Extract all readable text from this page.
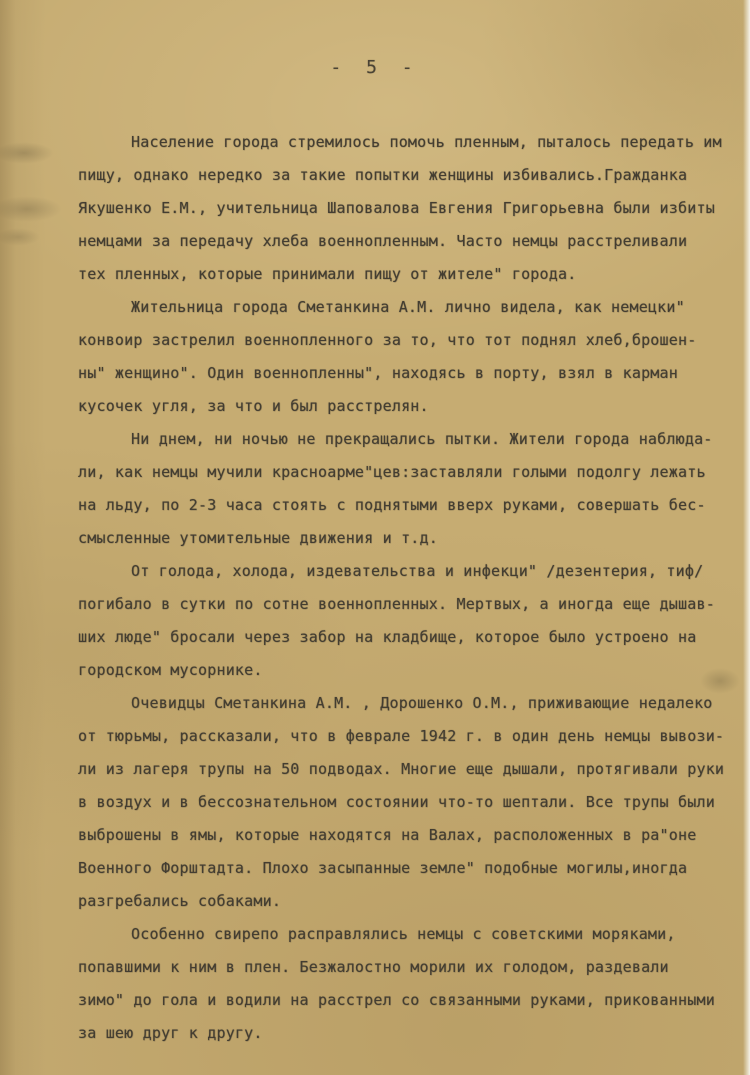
- 5 -
Население города стремилось помочь пленным, пыталось передать им
пищу, однако нередко за такие попытки женщины избивались.Гражданка
Якушенко Е.М., учительница Шаповалова Евгения Григорьевна были избиты
немцами за передачу хлеба военнопленным. Часто немцы расстреливали
тех пленных, которые принимали пищу от жителе" города.
Жительница города Сметанкина А.М. лично видела, как немецки"
конвоир застрелил военнопленного за то, что тот поднял хлеб,брошен-
ны" женщино". Один военнопленны", находясь в порту, взял в карман
кусочек угля, за что и был расстрелян.
Ни днем, ни ночью не прекращались пытки. Жители города наблюда-
ли, как немцы мучили красноарме"цев:заставляли голыми подолгу лежать
на льду, по 2-3 часа стоять с поднятыми вверх руками, совершать бес-
смысленные утомительные движения и т.д.
От голода, холода, издевательства и инфекци" /дезентерия, тиф/
погибало в сутки по сотне военнопленных. Мертвых, а иногда еще дышав-
ших люде" бросали через забор на кладбище, которое было устроено на
городском мусорнике.
Очевидцы Сметанкина А.М. , Дорошенко О.М., приживающие недалеко
от тюрьмы, рассказали, что в феврале 1942 г. в один день немцы вывози-
ли из лагеря трупы на 50 подводах. Многие еще дышали, протягивали руки
в воздух и в бессознательном состоянии что-то шептали. Все трупы были
выброшены в ямы, которые находятся на Валах, расположенных в ра"оне
Военного Форштадта. Плохо засыпанные земле" подобные могилы,иногда
разгребались собаками.
Особенно свирепо расправлялись немцы с советскими моряками,
попавшими к ним в плен. Безжалостно морили их голодом, раздевали
зимо" до гола и водили на расстрел со связанными руками, прикованными
за шею друг к другу.
